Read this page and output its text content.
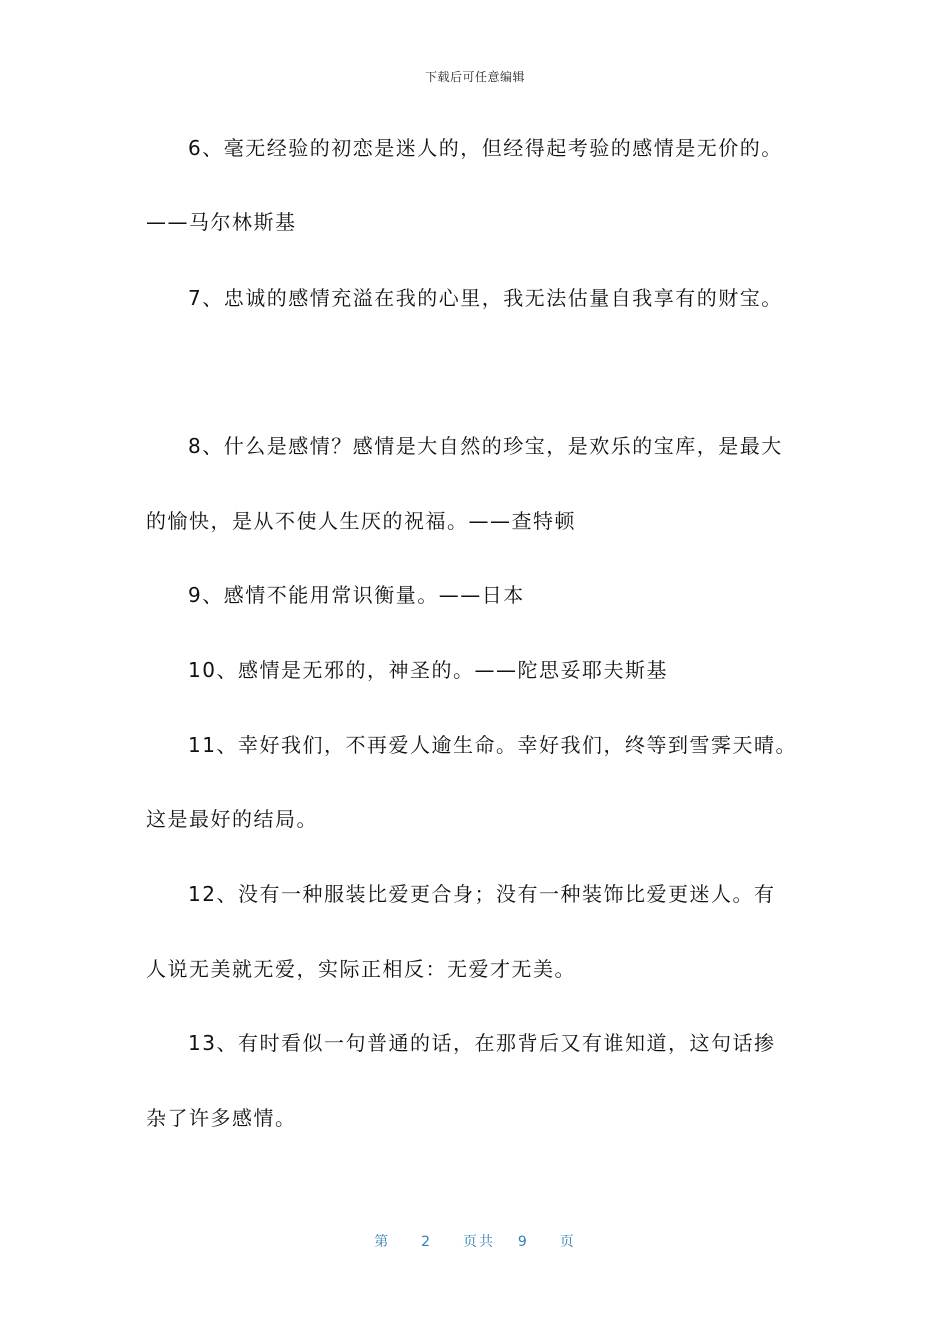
下载后可任意编辑
6、毫无经验的初恋是迷人的，但经得起考验的感情是无价的。
——马尔林斯基
7、忠诚的感情充溢在我的心里，我无法估量自我享有的财宝。
8、什么是感情？感情是大自然的珍宝，是欢乐的宝库，是最大
的愉快，是从不使人生厌的祝福。——查特顿
9、感情不能用常识衡量。——日本
10、感情是无邪的，神圣的。——陀思妥耶夫斯基
11、幸好我们，不再爱人逾生命。幸好我们，终等到雪霁天晴。
这是最好的结局。
12、没有一种服装比爱更合身；没有一种装饰比爱更迷人。有
人说无美就无爱，实际正相反：无爱才无美。
13、有时看似一句普通的话，在那背后又有谁知道，这句话掺
杂了许多感情。
第 2 页共 9 页
